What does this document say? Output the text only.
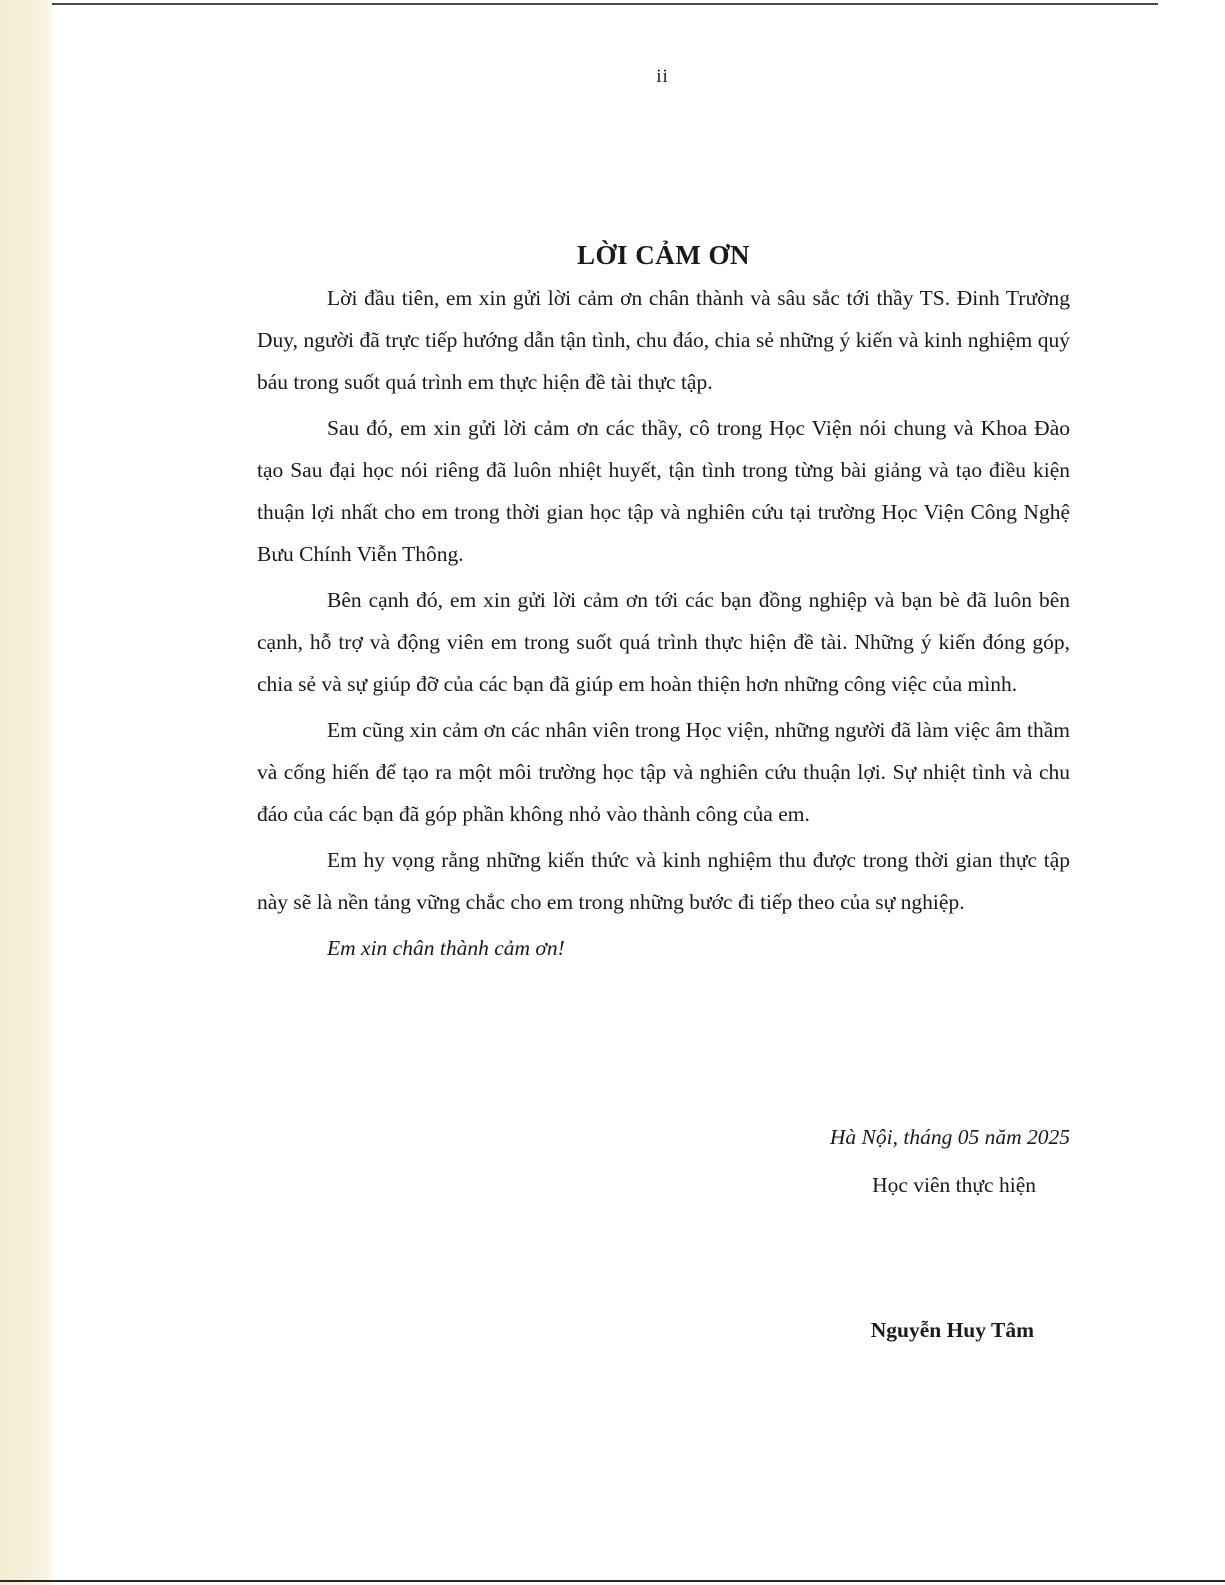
ii
LỜI CẢM ƠN

Lời đầu tiên, em xin gửi lời cảm ơn chân thành và sâu sắc tới thầy TS. Đinh Trường Duy, người đã trực tiếp hướng dẫn tận tình, chu đáo, chia sẻ những ý kiến và kinh nghiệm quý báu trong suốt quá trình em thực hiện đề tài thực tập.

Sau đó, em xin gửi lời cảm ơn các thầy, cô trong Học Viện nói chung và Khoa Đào tạo Sau đại học nói riêng đã luôn nhiệt huyết, tận tình trong từng bài giảng và tạo điều kiện thuận lợi nhất cho em trong thời gian học tập và nghiên cứu tại trường Học Viện Công Nghệ Bưu Chính Viễn Thông.

Bên cạnh đó, em xin gửi lời cảm ơn tới các bạn đồng nghiệp và bạn bè đã luôn bên cạnh, hỗ trợ và động viên em trong suốt quá trình thực hiện đề tài. Những ý kiến đóng góp, chia sẻ và sự giúp đỡ của các bạn đã giúp em hoàn thiện hơn những công việc của mình.

Em cũng xin cảm ơn các nhân viên trong Học viện, những người đã làm việc âm thầm và cống hiến để tạo ra một môi trường học tập và nghiên cứu thuận lợi. Sự nhiệt tình và chu đáo của các bạn đã góp phần không nhỏ vào thành công của em.

Em hy vọng rằng những kiến thức và kinh nghiệm thu được trong thời gian thực tập này sẽ là nền tảng vững chắc cho em trong những bước đi tiếp theo của sự nghiệp.

Em xin chân thành cảm ơn!

Hà Nội, tháng 05 năm 2025
Học viên thực hiện
Nguyễn Huy Tâm
